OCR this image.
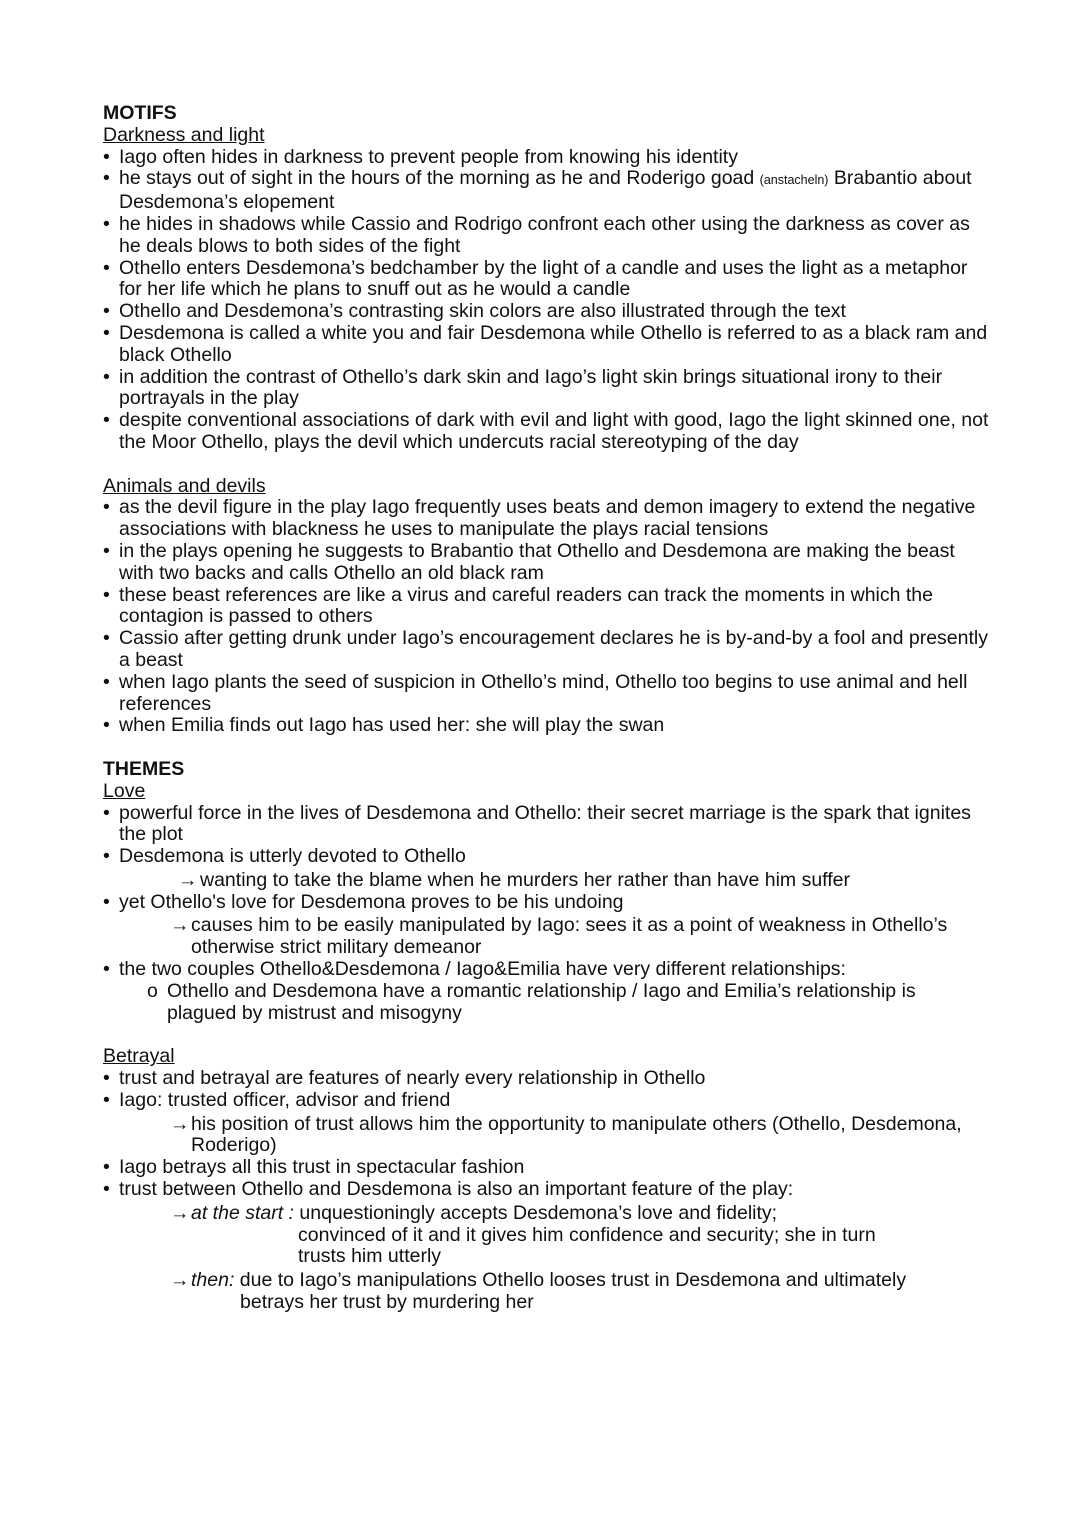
MOTIFS
Darkness and light
• Iago often hides in darkness to prevent people from knowing his identity
• he stays out of sight in the hours of the morning as he and Roderigo goad (anstacheln) Brabantio about Desdemona’s elopement
• he hides in shadows while Cassio and Rodrigo confront each other using the darkness as cover as he deals blows to both sides of the fight
• Othello enters Desdemona’s bedchamber by the light of a candle and uses the light as a metaphor for her life which he plans to snuff out as he would a candle
• Othello and Desdemona’s contrasting skin colors are also illustrated through the text
• Desdemona is called a white you and fair Desdemona while Othello is referred to as a black ram and black Othello
• in addition the contrast of Othello’s dark skin and Iago’s light skin brings situational irony to their portrayals in the play
• despite conventional associations of dark with evil and light with good, Iago the light skinned one, not the Moor Othello, plays the devil which undercuts racial stereotyping of the day
Animals and devils
• as the devil figure in the play Iago frequently uses beats and demon imagery to extend the negative associations with blackness he uses to manipulate the plays racial tensions
• in the plays opening he suggests to Brabantio that Othello and Desdemona are making the beast with two backs and calls Othello an old black ram
• these beast references are like a virus and careful readers can track the moments in which the contagion is passed to others
• Cassio after getting drunk under Iago’s encouragement declares he is by-and-by a fool and presently a beast
• when Iago plants the seed of suspicion in Othello’s mind, Othello too begins to use animal and hell references
• when Emilia finds out Iago has used her: she will play the swan
THEMES
Love
• powerful force in the lives of Desdemona and Othello: their secret marriage is the spark that ignites the plot
• Desdemona is utterly devoted to Othello
→ wanting to take the blame when he murders her rather than have him suffer
• yet Othello's love for Desdemona proves to be his undoing
→ causes him to be easily manipulated by Iago: sees it as a point of weakness in Othello’s otherwise strict military demeanor
• the two couples Othello&Desdemona / Iago&Emilia have very different relationships:
o Othello and Desdemona have a romantic relationship / Iago and Emilia’s relationship is plagued by mistrust and misogyny
Betrayal
• trust and betrayal are features of nearly every relationship in Othello
• Iago: trusted officer, advisor and friend
→ his position of trust allows him the opportunity to manipulate others (Othello, Desdemona, Roderigo)
• Iago betrays all this trust in spectacular fashion
• trust between Othello and Desdemona is also an important feature of the play:
→ at the start : unquestioningly accepts Desdemona’s love and fidelity;
convinced of it and it gives him confidence and security; she in turn
trusts him utterly
→ then: due to Iago’s manipulations Othello looses trust in Desdemona and ultimately
betrays her trust by murdering her
